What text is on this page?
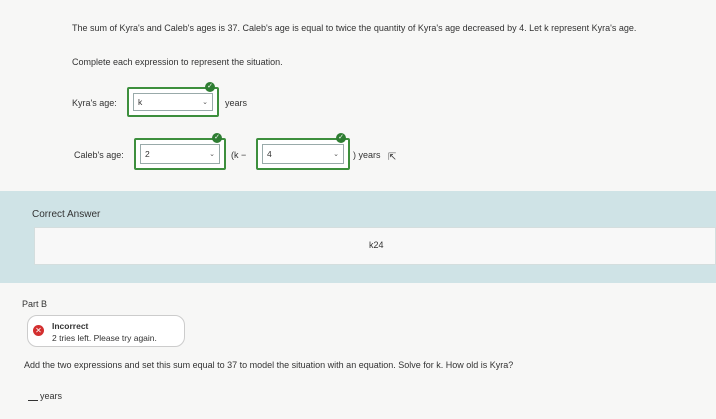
The sum of Kyra's and Caleb's ages is 37. Caleb's age is equal to twice the quantity of Kyra's age decreased by 4. Let k represent Kyra's age.
Complete each expression to represent the situation.
Kyra's age:	k	⌄
✓
years
Caleb's age: 2	⌄
✓
(k − 4	⌄
✓
) years ⇱
Correct Answer
k24
Part B
✕ Incorrect
2 tries left. Please try again.
Add the two expressions and set this sum equal to 37 to model the situation with an equation. Solve for k. How old is Kyra?
years
